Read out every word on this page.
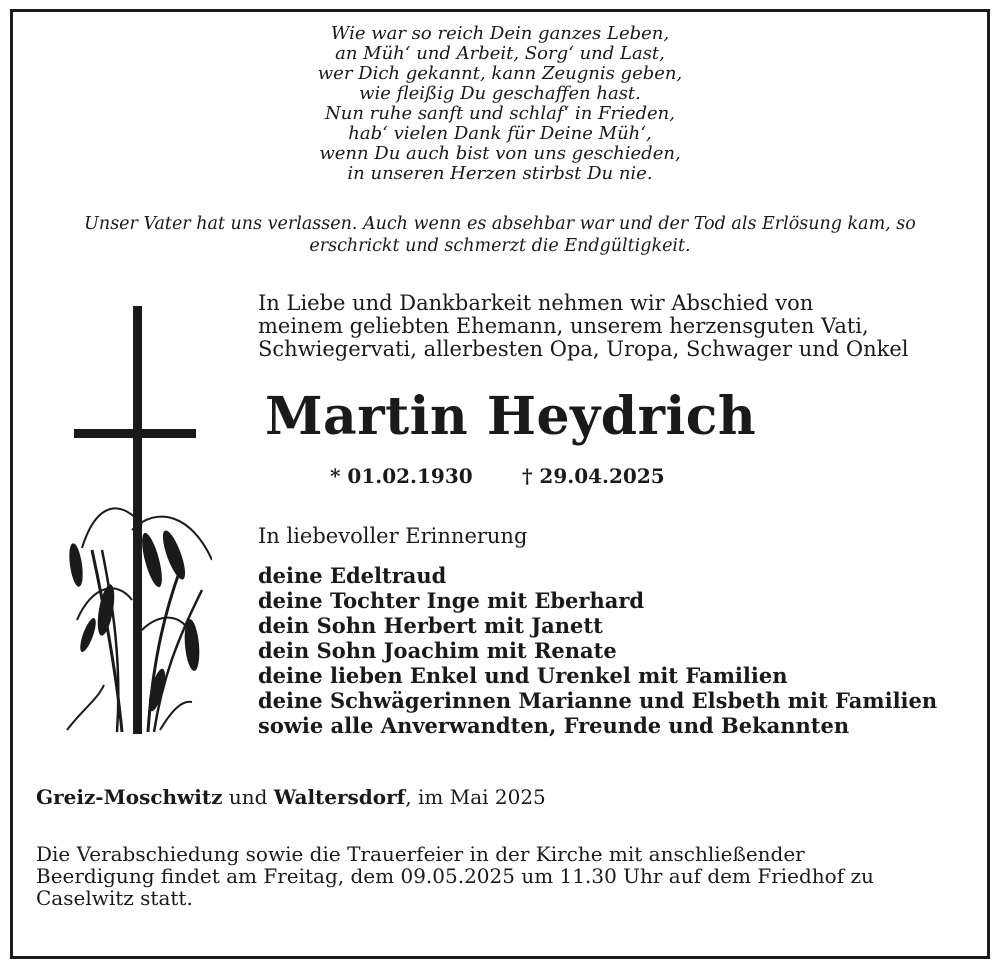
Wie war so reich Dein ganzes Leben,
an Müh‘ und Arbeit, Sorg‘ und Last,
wer Dich gekannt, kann Zeugnis geben,
wie fleißig Du geschaffen hast.
Nun ruhe sanft und schlaf‘ in Frieden,
hab‘ vielen Dank für Deine Müh‘,
wenn Du auch bist von uns geschieden,
in unseren Herzen stirbst Du nie.
Unser Vater hat uns verlassen. Auch wenn es absehbar war und der Tod als Erlösung kam, so erschrickt und schmerzt die Endgültigkeit.
In Liebe und Dankbarkeit nehmen wir Abschied von
meinem geliebten Ehemann, unserem herzensguten Vati,
Schwiegervati, allerbesten Opa, Uropa, Schwager und Onkel
Martin Heydrich
* 01.02.1930 † 29.04.2025
In liebevoller Erinnerung
deine Edeltraud
deine Tochter Inge mit Eberhard
dein Sohn Herbert mit Janett
dein Sohn Joachim mit Renate
deine lieben Enkel und Urenkel mit Familien
deine Schwägerinnen Marianne und Elsbeth mit Familien
sowie alle Anverwandten, Freunde und Bekannten
Greiz-Moschwitz und Waltersdorf, im Mai 2025
Die Verabschiedung sowie die Trauerfeier in der Kirche mit anschließender
Beerdigung findet am Freitag, dem 09.05.2025 um 11.30 Uhr auf dem Friedhof zu
Caselwitz statt.
